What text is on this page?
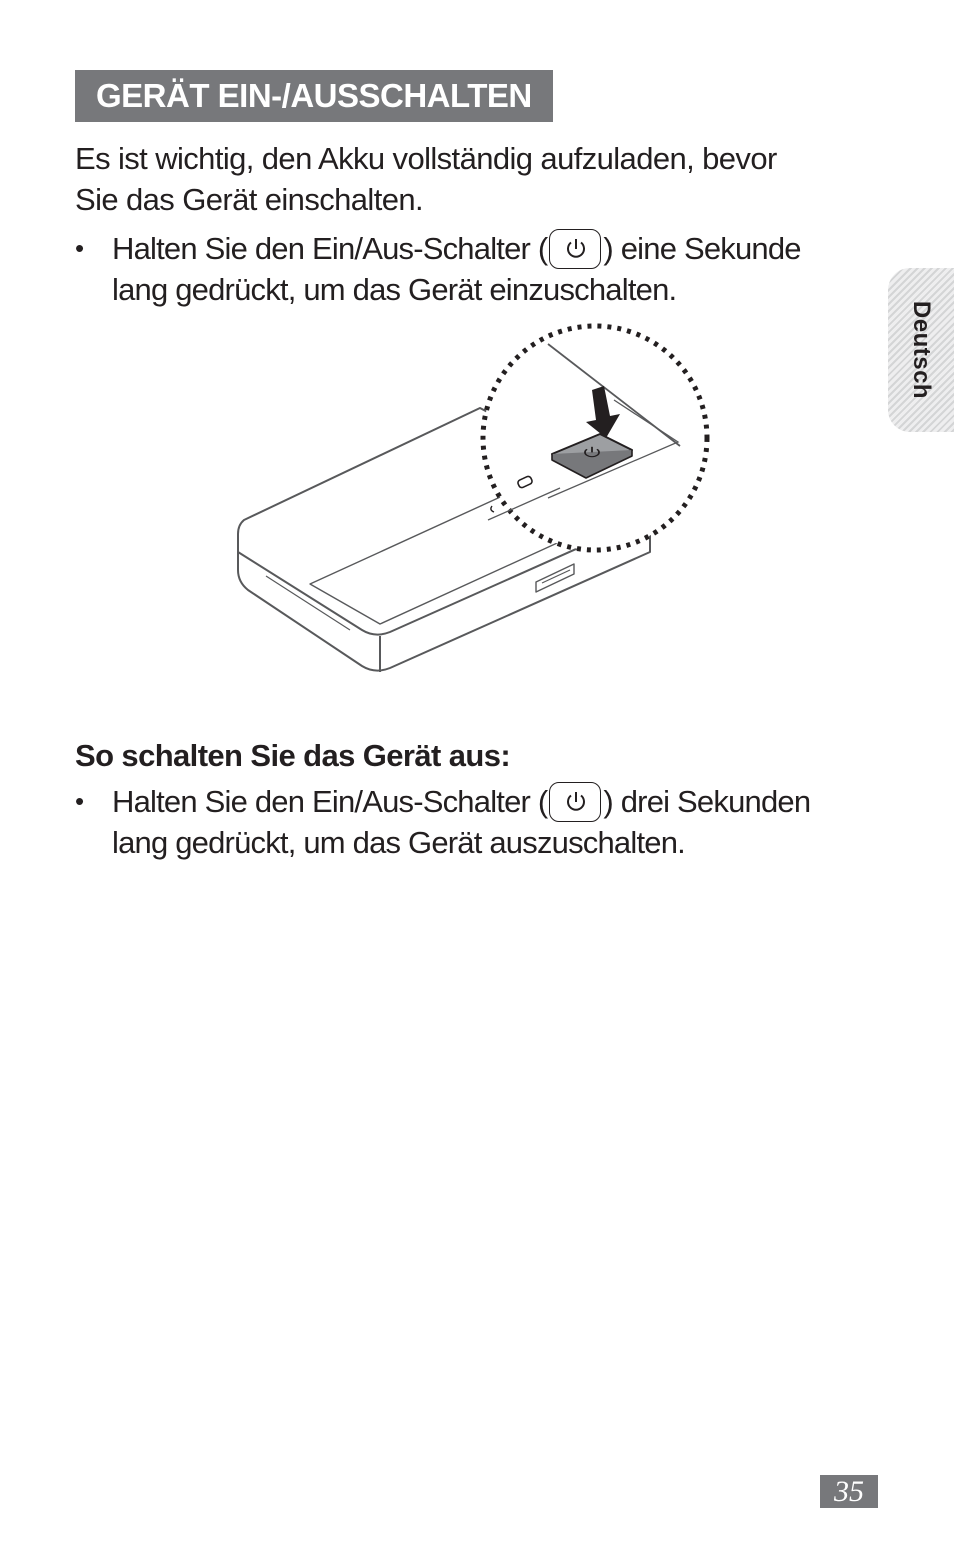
GERÄT EIN-/AUSSCHALTEN
Es ist wichtig, den Akku vollständig aufzuladen, bevor
Sie das Gerät einschalten.
• Halten Sie den Ein/Aus-Schalter ( ) eine Sekunde
lang gedrückt, um das Gerät einzuschalten.
So schalten Sie das Gerät aus:
• Halten Sie den Ein/Aus-Schalter ( ) drei Sekunden
lang gedrückt, um das Gerät auszuschalten.
Deutsch
35
